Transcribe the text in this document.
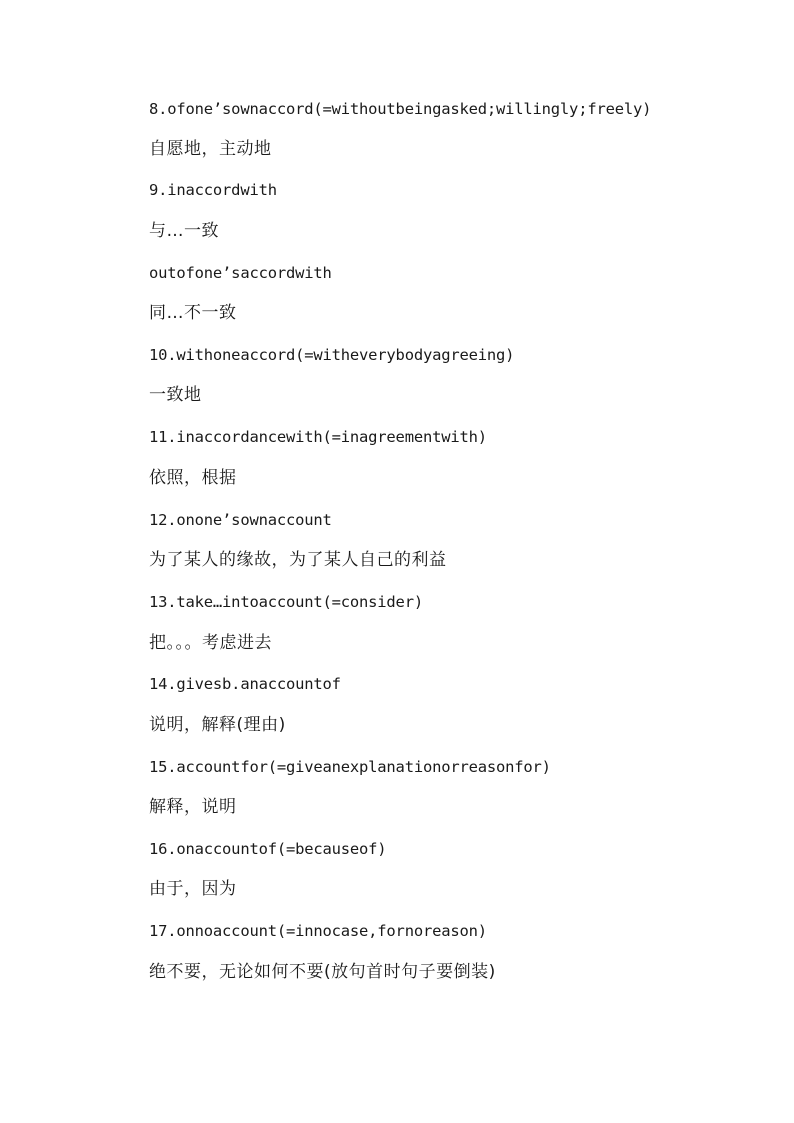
8.ofone’sownaccord(=withoutbeingasked;willingly;freely)
自愿地，主动地
9.inaccordwith
与…一致
outofone’saccordwith
同…不一致
10.withoneaccord(=witheverybodyagreeing)
一致地
11.inaccordancewith(=inagreementwith)
依照，根据
12.onone’sownaccount
为了某人的缘故，为了某人自己的利益
13.take…intoaccount(=consider)
把。。。考虑进去
14.givesb.anaccountof
说明，解释(理由)
15.accountfor(=giveanexplanationorreasonfor)
解释，说明
16.onaccountof(=becauseof)
由于，因为
17.onnoaccount(=innocase,fornoreason)
绝不要，无论如何不要(放句首时句子要倒装)
